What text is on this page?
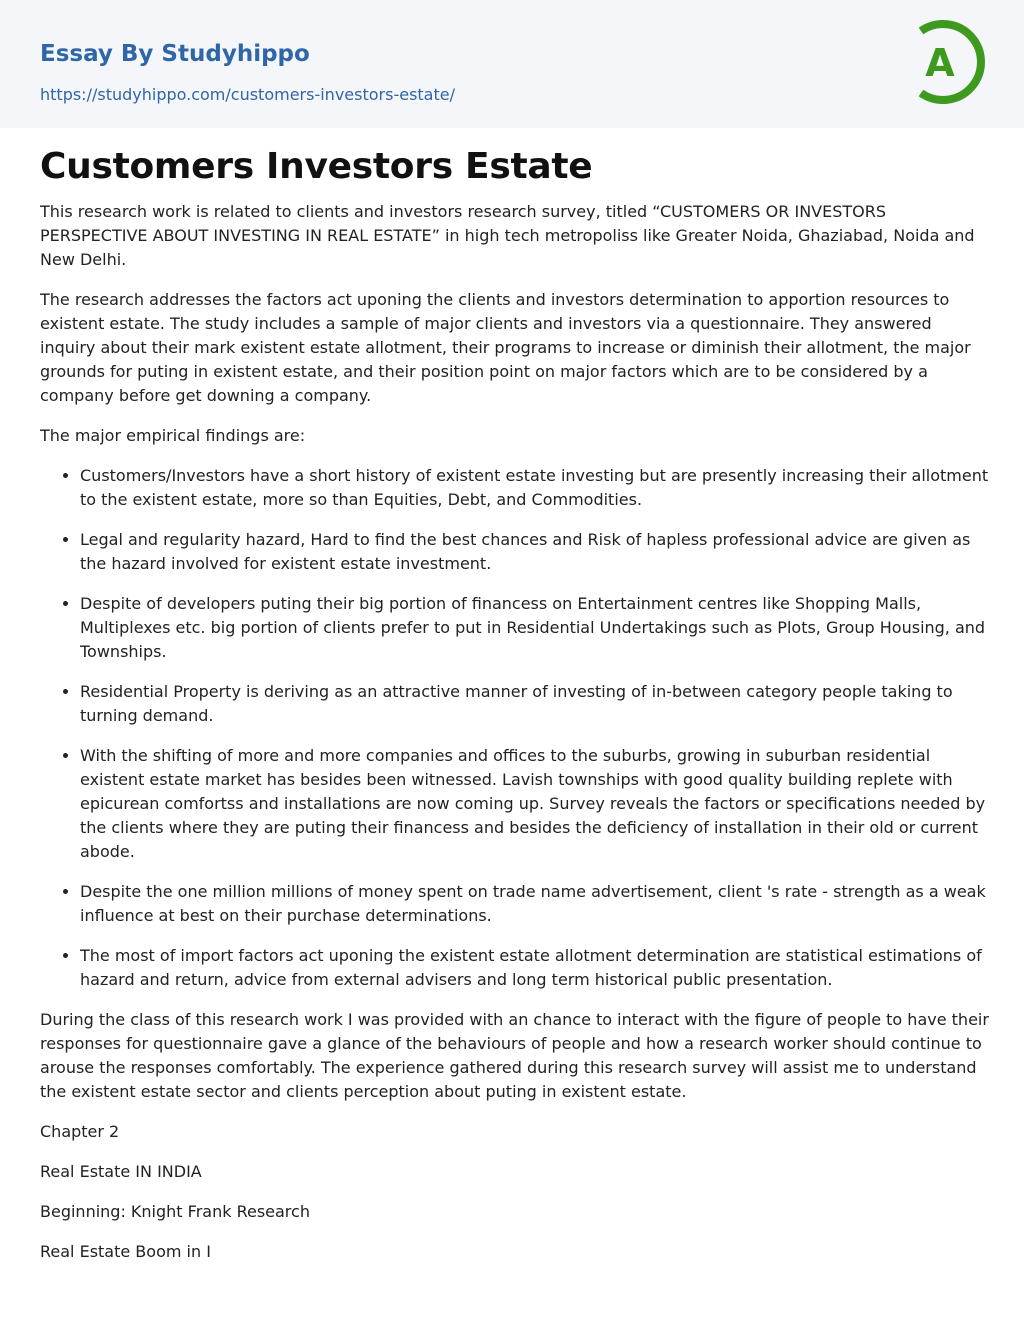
Essay By Studyhippo
https://studyhippo.com/customers-investors-estate/
A
Customers Investors Estate

This research work is related to clients and investors research survey, titled “CUSTOMERS OR INVESTORS PERSPECTIVE ABOUT INVESTING IN REAL ESTATE” in high tech metropoliss like Greater Noida, Ghaziabad, Noida and New Delhi.

The research addresses the factors act uponing the clients and investors determination to apportion resources to existent estate. The study includes a sample of major clients and investors via a questionnaire. They answered inquiry about their mark existent estate allotment, their programs to increase or diminish their allotment, the major grounds for puting in existent estate, and their position point on major factors which are to be considered by a company before get downing a company.

The major empirical findings are:

• Customers/Investors have a short history of existent estate investing but are presently increasing their allotment to the existent estate, more so than Equities, Debt, and Commodities.
• Legal and regularity hazard, Hard to find the best chances and Risk of hapless professional advice are given as the hazard involved for existent estate investment.
• Despite of developers puting their big portion of financess on Entertainment centres like Shopping Malls, Multiplexes etc. big portion of clients prefer to put in Residential Undertakings such as Plots, Group Housing, and Townships.
• Residential Property is deriving as an attractive manner of investing of in-between category people taking to turning demand.
• With the shifting of more and more companies and offices to the suburbs, growing in suburban residential existent estate market has besides been witnessed. Lavish townships with good quality building replete with epicurean comfortss and installations are now coming up. Survey reveals the factors or specifications needed by the clients where they are puting their financess and besides the deficiency of installation in their old or current abode.
• Despite the one million millions of money spent on trade name advertisement, client 's rate - strength as a weak influence at best on their purchase determinations.
• The most of import factors act uponing the existent estate allotment determination are statistical estimations of hazard and return, advice from external advisers and long term historical public presentation.

During the class of this research work I was provided with an chance to interact with the figure of people to have their responses for questionnaire gave a glance of the behaviours of people and how a research worker should continue to arouse the responses comfortably. The experience gathered during this research survey will assist me to understand the existent estate sector and clients perception about puting in existent estate.

Chapter 2

Real Estate IN INDIA

Beginning: Knight Frank Research

Real Estate Boom in I
